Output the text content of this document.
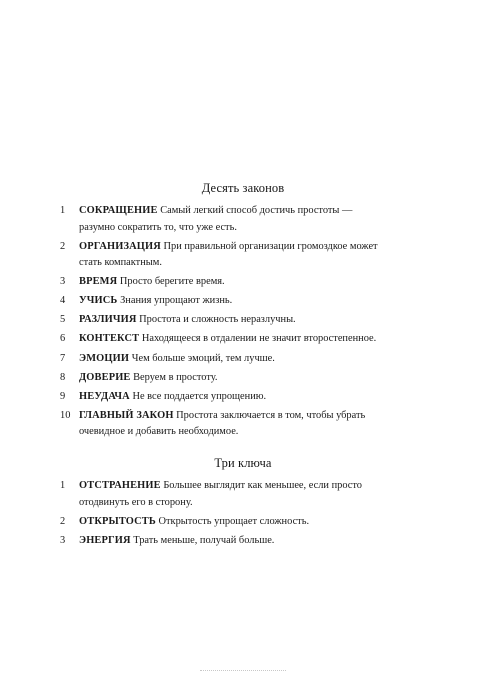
Десять законов
1	СОКРАЩЕНИЕ Самый легкий способ достичь простоты — разумно сократить то, что уже есть.
2	ОРГАНИЗАЦИЯ При правильной организации громоздкое может стать компактным.
3	ВРЕМЯ Просто берегите время.
4	УЧИСЬ Знания упрощают жизнь.
5	РАЗЛИЧИЯ Простота и сложность неразлучны.
6	КОНТЕКСТ Находящееся в отдалении не значит второстепенное.
7	ЭМОЦИИ Чем больше эмоций, тем лучше.
8	ДОВЕРИЕ Веруем в простоту.
9	НЕУДАЧА Не все поддается упрощению.
10 ГЛАВНЫЙ ЗАКОН Простота заключается в том, чтобы убрать очевидное и добавить необходимое.
Три ключа
1	ОТСТРАНЕНИЕ Большее выглядит как меньшее, если просто отодвинуть его в сторону.
2	ОТКРЫТОСТЬ Открытость упрощает сложность.
3	ЭНЕРГИЯ Трать меньше, получай больше.
